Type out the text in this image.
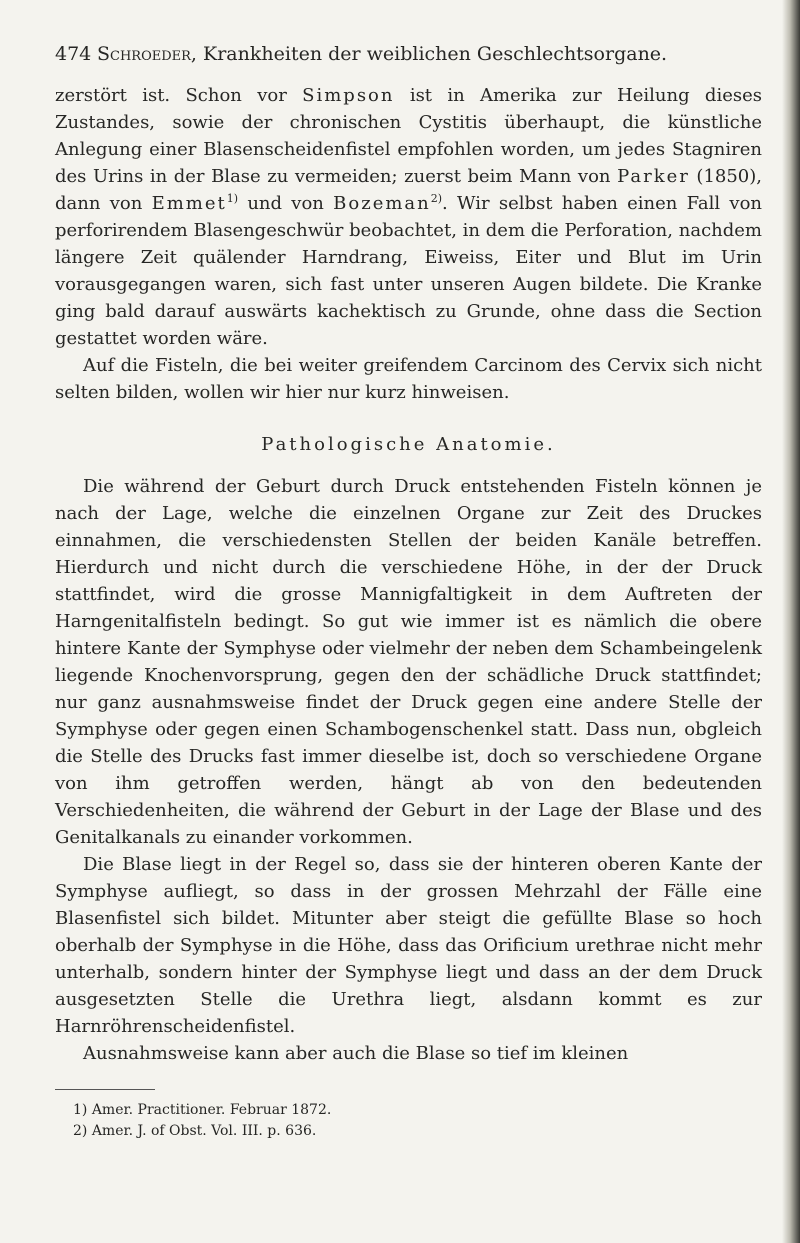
474 Schroeder, Krankheiten der weiblichen Geschlechtsorgane.

zerstört ist. Schon vor Simpson ist in Amerika zur Heilung dieses Zustandes, sowie der chronischen Cystitis überhaupt, die künstliche Anlegung einer Blasenscheidenfistel empfohlen worden, um jedes Stagniren des Urins in der Blase zu vermeiden; zuerst beim Mann von Parker (1850), dann von Emmet$^{1)}$ und von Bozeman$^{2)}$. Wir selbst haben einen Fall von perforirendem Blasengeschwür beobachtet, in dem die Perforation, nachdem längere Zeit quälender Harndrang, Eiweiss, Eiter und Blut im Urin vorausgegangen waren, sich fast unter unseren Augen bildete. Die Kranke ging bald darauf auswärts kachektisch zu Grunde, ohne dass die Section gestattet worden wäre.

Auf die Fisteln, die bei weiter greifendem Carcinom des Cervix sich nicht selten bilden, wollen wir hier nur kurz hinweisen.

Pathologische Anatomie.

Die während der Geburt durch Druck entstehenden Fisteln können je nach der Lage, welche die einzelnen Organe zur Zeit des Druckes einnahmen, die verschiedensten Stellen der beiden Kanäle betreffen. Hierdurch und nicht durch die verschiedene Höhe, in der der Druck stattfindet, wird die grosse Mannigfaltigkeit in dem Auftreten der Harngenitalfisteln bedingt. So gut wie immer ist es nämlich die obere hintere Kante der Symphyse oder vielmehr der neben dem Schambeingelenk liegende Knochenvorsprung, gegen den der schädliche Druck stattfindet; nur ganz ausnahmsweise findet der Druck gegen eine andere Stelle der Symphyse oder gegen einen Schambogenschenkel statt. Dass nun, obgleich die Stelle des Drucks fast immer dieselbe ist, doch so verschiedene Organe von ihm getroffen werden, hängt ab von den bedeutenden Verschiedenheiten, die während der Geburt in der Lage der Blase und des Genitalkanals zu einander vorkommen.

Die Blase liegt in der Regel so, dass sie der hinteren oberen Kante der Symphyse aufliegt, so dass in der grossen Mehrzahl der Fälle eine Blasenfistel sich bildet. Mitunter aber steigt die gefüllte Blase so hoch oberhalb der Symphyse in die Höhe, dass das Orificium urethrae nicht mehr unterhalb, sondern hinter der Symphyse liegt und dass an der dem Druck ausgesetzten Stelle die Urethra liegt, alsdann kommt es zur Harnröhrenscheidenfistel.

Ausnahmsweise kann aber auch die Blase so tief im kleinen

1) Amer. Practitioner. Februar 1872.

2) Amer. J. of Obst. Vol. III. p. 636.
